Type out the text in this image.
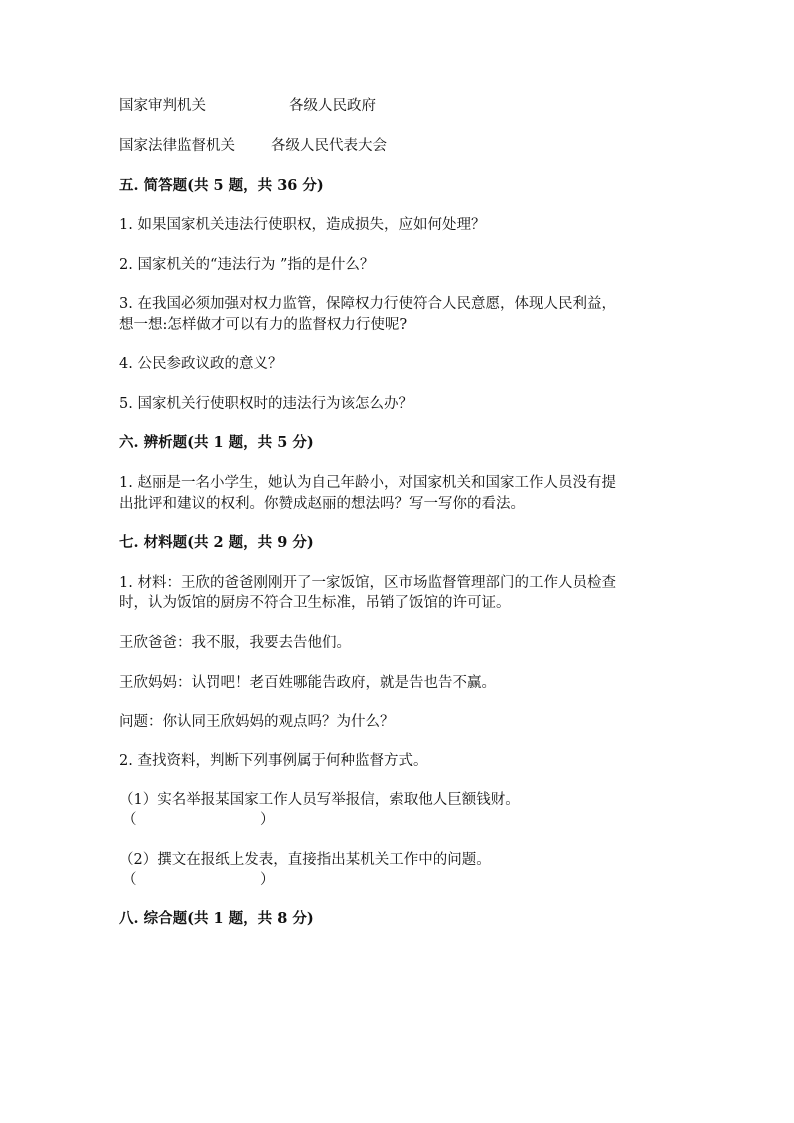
国家审判机关	各级人民政府
国家法律监督机关 各级人民代表大会
五. 简答题(共 5 题，共 36 分)
1. 如果国家机关违法行使职权，造成损失，应如何处理？
2. 国家机关的“违法行为 ”指的是什么？
3. 在我国必须加强对权力监管，保障权力行使符合人民意愿，体现人民利益，
想一想:怎样做才可以有力的监督权力行使呢?
4. 公民参政议政的意义？
5. 国家机关行使职权时的违法行为该怎么办？
六. 辨析题(共 1 题，共 5 分)
1. 赵丽是一名小学生，她认为自己年龄小，对国家机关和国家工作人员没有提
出批评和建议的权利。你赞成赵丽的想法吗？写一写你的看法。
七. 材料题(共 2 题，共 9 分)
1. 材料：王欣的爸爸刚刚开了一家饭馆，区市场监督管理部门的工作人员检查
时，认为饭馆的厨房不符合卫生标准，吊销了饭馆的许可证。
王欣爸爸：我不服，我要去告他们。
王欣妈妈：认罚吧！老百姓哪能告政府，就是告也告不赢。
问题：你认同王欣妈妈的观点吗？为什么？
2. 查找资料，判断下列事例属于何种监督方式。
（1）实名举报某国家工作人员写举报信，索取他人巨额钱财。
（	）
（2）撰文在报纸上发表，直接指出某机关工作中的问题。
（	）
八. 综合题(共 1 题，共 8 分)
